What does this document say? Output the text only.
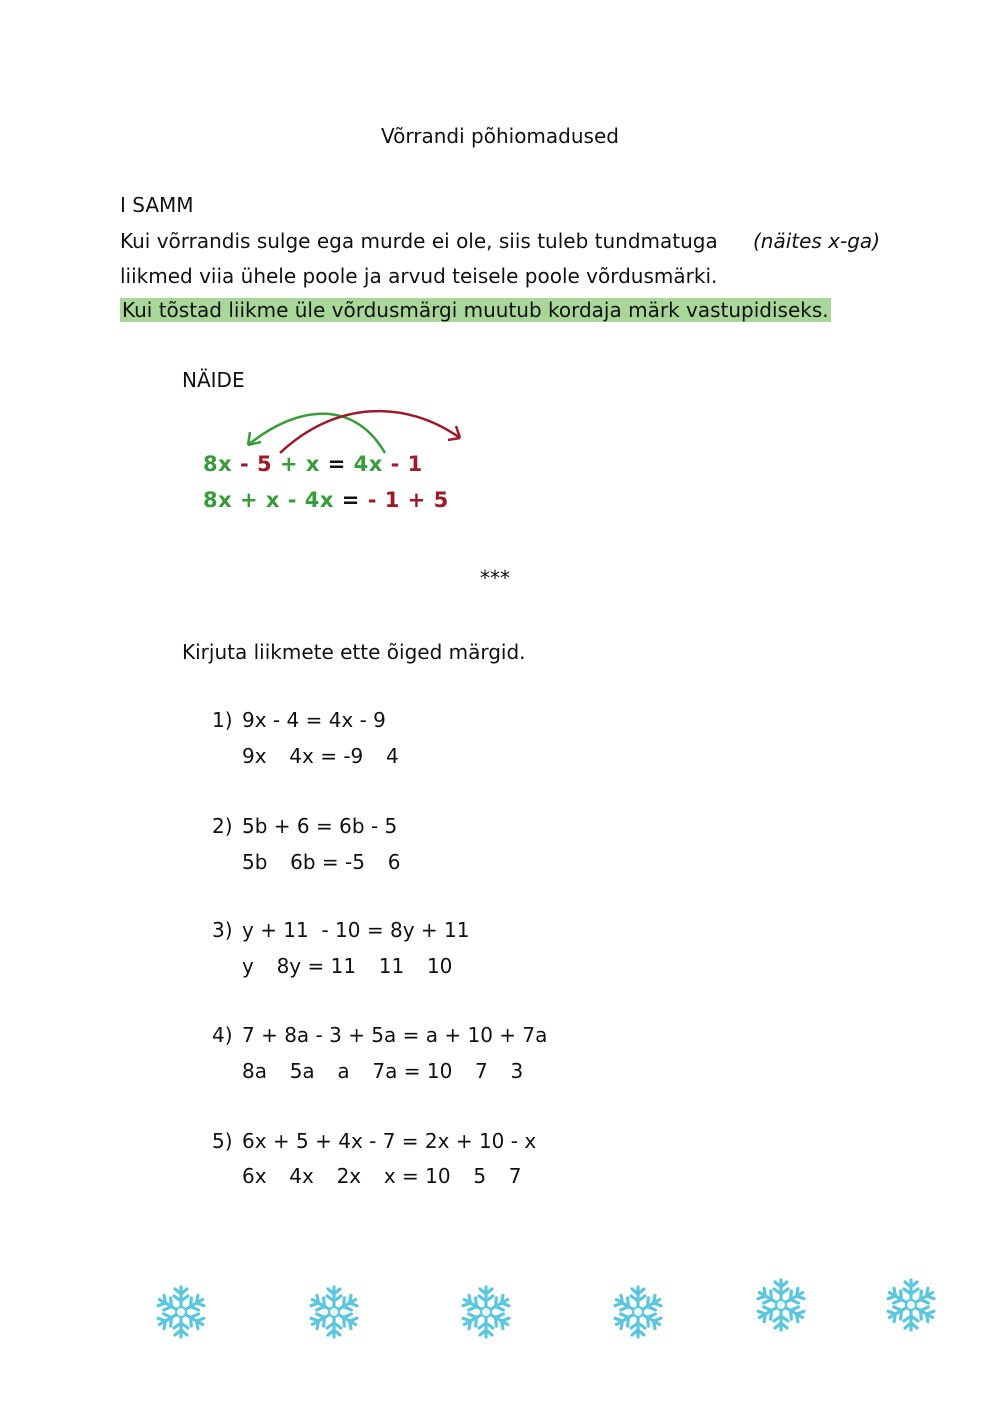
Võrrandi põhiomadused
I SAMM
Kui võrrandis sulge ega murde ei ole, siis tuleb tundmatuga (näites x-ga)
liikmed viia ühele poole ja arvud teisele poole võrdusmärki.
Kui tõstad liikme üle võrdusmärgi muutub kordaja märk vastupidiseks.
NÄIDE
8x - 5 + x = 4x - 1
8x + x - 4x = - 1 + 5
***
Kirjuta liikmete ette õiged märgid.
1) 9x - 4 = 4x - 9
9x 4x = -9 4
2) 5b + 6 = 6b - 5
5b 6b = -5 6
3) y + 11  - 10 = 8y + 11
y 8y = 11 11 10
4) 7 + 8a - 3 + 5a = a + 10 + 7a
8a 5a a 7a = 10 7 3
5) 6x + 5 + 4x - 7 = 2x + 10 - x
6x 4x 2x x = 10 5 7
